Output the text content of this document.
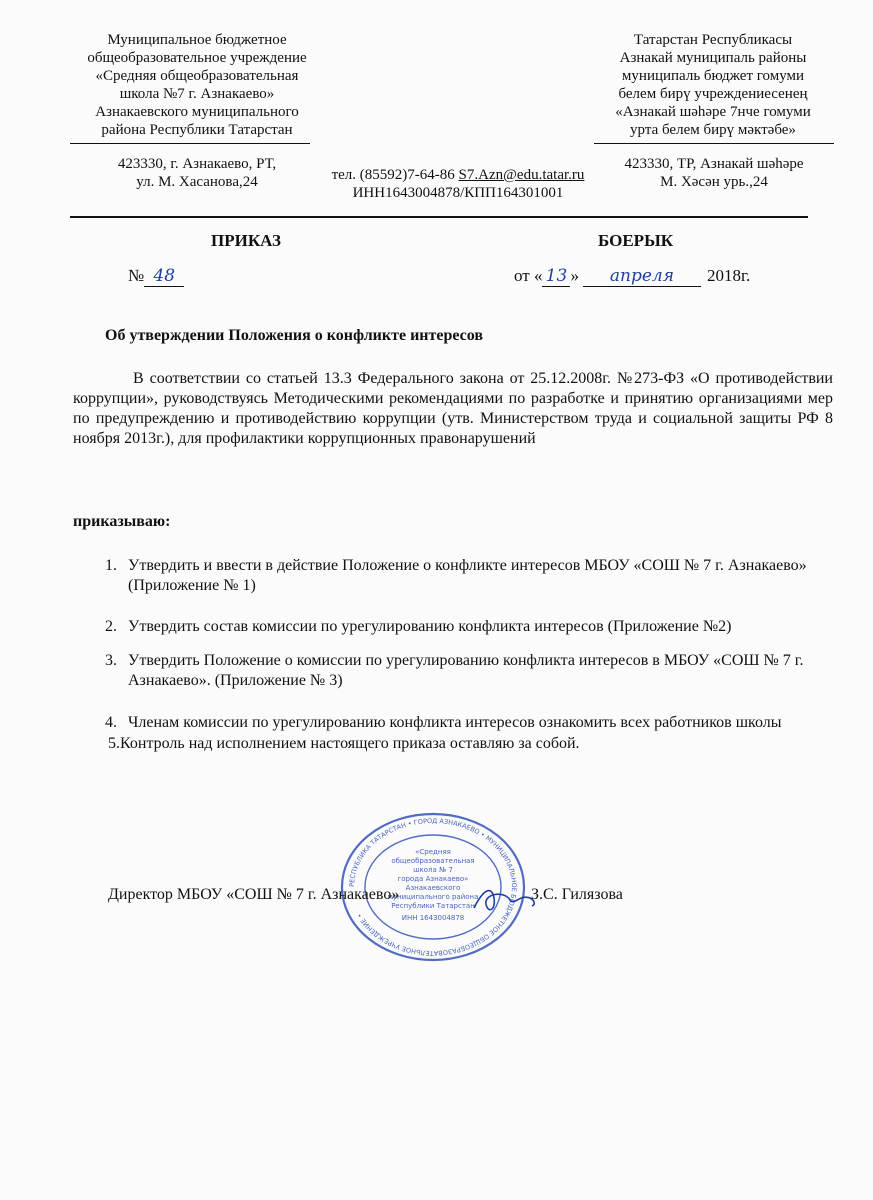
Муниципальное бюджетное
общеобразовательное учреждение
«Средняя общеобразовательная
школа №7 г. Азнакаево»
Азнакаевского муниципального
района Республики Татарстан
Татарстан Республикасы
Азнакай муниципаль районы
муниципаль бюджет гомуми
белем бирү учреждениесенең
«Азнакай шәһәре 7нче гомуми
урта белем бирү мәктәбе»
423330, г. Азнакаево, РТ,
ул. М. Хасанова,24	тел. (85592)7-64-86 S7.Azn@edu.tatar.ru
ИНН1643004878/КПП164301001
423330, ТР, Азнакай шәһәре
М. Хәсән урь.,24
ПРИКАЗ	БОЕРЫК
№ 48	от « 13 » апреля 2018г.
Об утверждении Положения о конфликте интересов
В соответствии со статьей 13.3 Федерального закона от 25.12.2008г. №273-ФЗ «О противодействии коррупции», руководствуясь Методическими рекомендациями по разработке и принятию организациями мер по предупреждению и противодействию коррупции (утв. Министерством труда и социальной защиты РФ 8 ноября 2013г.), для профилактики коррупционных правонарушений
приказываю:
1. Утвердить и ввести в действие Положение о конфликте интересов МБОУ «СОШ № 7 г. Азнакаево» (Приложение № 1)
2. Утвердить состав комиссии по урегулированию конфликта интересов (Приложение №2)
3. Утвердить Положение о комиссии по урегулированию конфликта интересов в МБОУ «СОШ № 7 г. Азнакаево». (Приложение № 3)
4. Членам комиссии по урегулированию конфликта интересов ознакомить всех работников школы
5.Контроль над исполнением настоящего приказа оставляю за собой.
РЕСПУБЛИКА ТАТАРСТАН • ГОРОД АЗНАКАЕВО • МУНИЦИПАЛЬНОЕ БЮДЖЕТНОЕ ОБЩЕОБРАЗОВАТЕЛЬНОЕ УЧРЕЖДЕНИЕ •
«Средняя
общеобразовательная
школа № 7
города Азнакаево»
Азнакаевского
муниципального района
Республики Татарстан
ИНН 1643004878
Директор МБОУ «СОШ № 7 г. Азнакаево»	З.С. Гилязова
